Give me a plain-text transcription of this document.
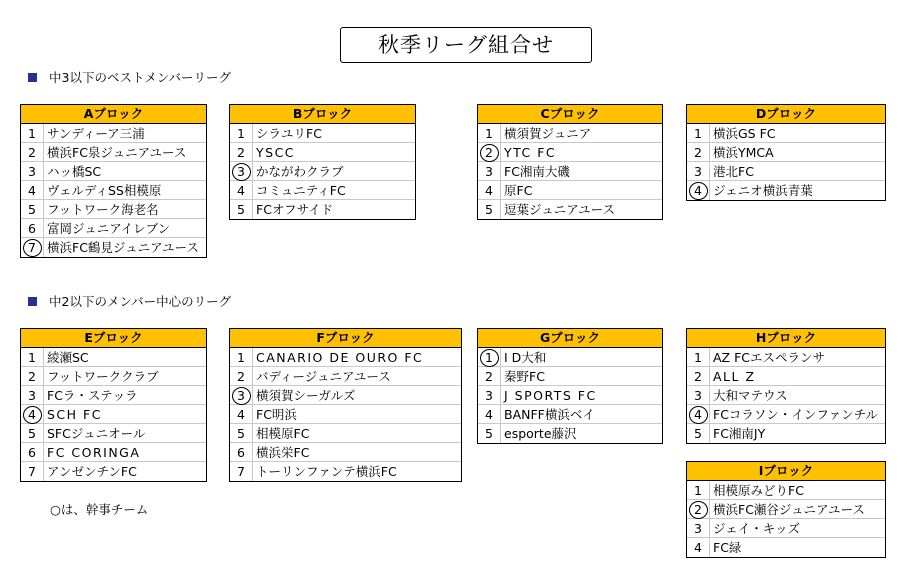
秋季リーグ組合せ
中3以下のベストメンバーリーグ
中2以下のメンバー中心のリーグ
Aブロック
1 サンディーア三浦
2 横浜FC泉ジュニアユース
3 ハッ橋SC
4 ヴェルディSS相模原
5 フットワーク海老名
6 富岡ジュニアイレブン
7 横浜FC鶴見ジュニアユース
Bブロック
1 シラユリFC
2 YSCC
3 かながわクラブ
4 コミュニティFC
5 FCオフサイド
Cブロック
1 横須賀ジュニア
2 YTC FC
3 FC湘南大磯
4 原FC
5 逗葉ジュニアユース
Dブロック
1 横浜GS FC
2 横浜YMCA
3 港北FC
4 ジェニオ横浜青葉
Eブロック
1 綾瀬SC
2 フットワーククラブ
3 FCラ・ステッラ
4 SCH FC
5 SFCジュニオール
6 FC CORINGA
7 アンゼンチンFC
Fブロック
1 CANARIO DE OURO FC
2 バディージュニアユース
3 横須賀シーガルズ
4 FC明浜
5 相模原FC
6 横浜栄FC
7 トーリンファンテ横浜FC
Gブロック
1 I D大和
2 秦野FC
3 J SPORTS FC
4 BANFF横浜ベイ
5 esporte藤沢
Hブロック
1 AZ FCエスペランサ
2 ALL Z
3 大和マテウス
4 FCコラソン・インファンチル
5 FC湘南JY
Iブロック
1 相模原みどりFC
2 横浜FC瀬谷ジュニアユース
3 ジェイ・キッズ
4 FC緑
○は、幹事チーム
